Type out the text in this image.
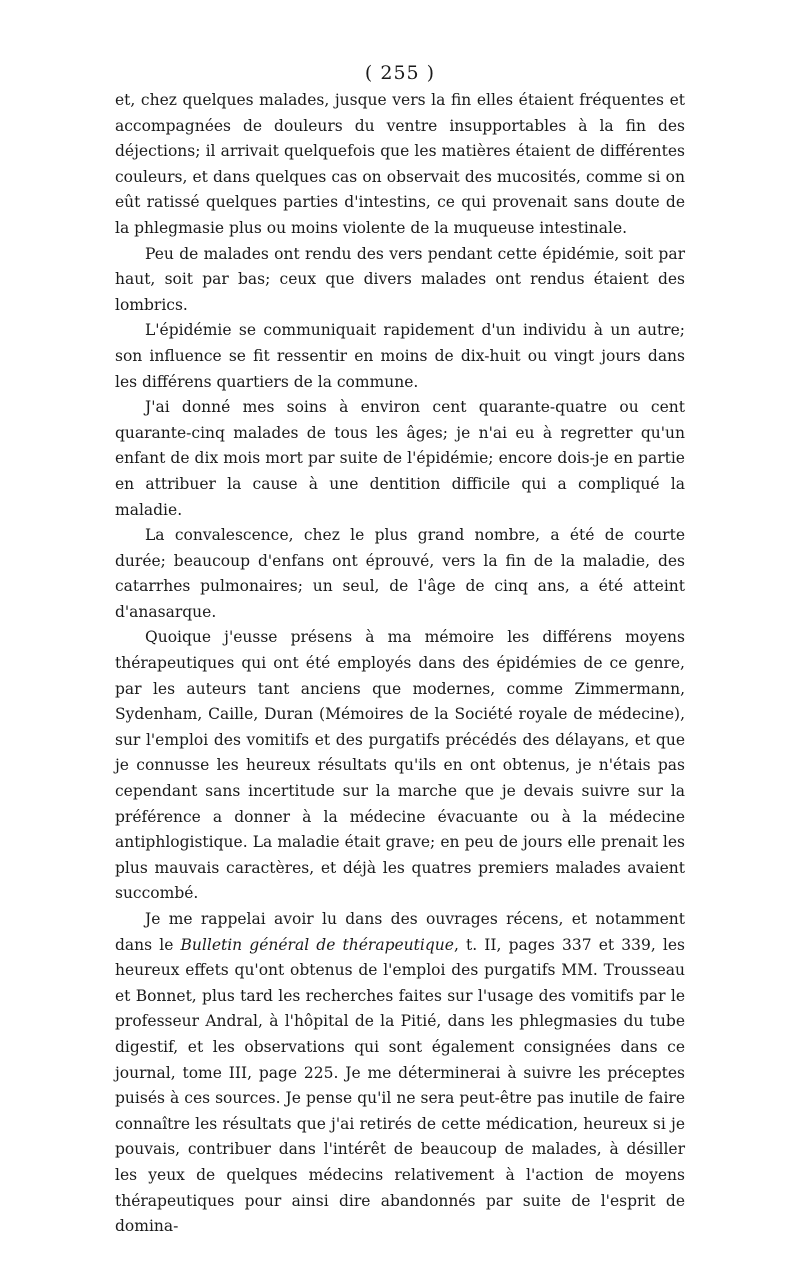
( 255 )

et, chez quelques malades, jusque vers la fin elles étaient fréquentes et accompagnées de douleurs du ventre insupportables à la fin des déjections; il arrivait quelquefois que les matières étaient de différentes couleurs, et dans quelques cas on observait des mucosités, comme si on eût ratissé quelques parties d'intestins, ce qui provenait sans doute de la phlegmasie plus ou moins violente de la muqueuse intestinale.

Peu de malades ont rendu des vers pendant cette épidémie, soit par haut, soit par bas; ceux que divers malades ont rendus étaient des lombrics.

L'épidémie se communiquait rapidement d'un individu à un autre; son influence se fit ressentir en moins de dix-huit ou vingt jours dans les différens quartiers de la commune.

J'ai donné mes soins à environ cent quarante-quatre ou cent quarante-cinq malades de tous les âges; je n'ai eu à regretter qu'un enfant de dix mois mort par suite de l'épidémie; encore dois-je en partie en attribuer la cause à une dentition difficile qui a compliqué la maladie.

La convalescence, chez le plus grand nombre, a été de courte durée; beaucoup d'enfans ont éprouvé, vers la fin de la maladie, des catarrhes pulmonaires; un seul, de l'âge de cinq ans, a été atteint d'anasarque.

Quoique j'eusse présens à ma mémoire les différens moyens thérapeutiques qui ont été employés dans des épidémies de ce genre, par les auteurs tant anciens que modernes, comme Zimmermann, Sydenham, Caille, Duran (Mémoires de la Société royale de médecine), sur l'emploi des vomitifs et des purgatifs précédés des délayans, et que je connusse les heureux résultats qu'ils en ont obtenus, je n'étais pas cependant sans incertitude sur la marche que je devais suivre sur la préférence a donner à la médecine évacuante ou à la médecine antiphlogistique. La maladie était grave; en peu de jours elle prenait les plus mauvais caractères, et déjà les quatres premiers malades avaient succombé.

Je me rappelai avoir lu dans des ouvrages récens, et notamment dans le Bulletin général de thérapeutique, t. II, pages 337 et 339, les heureux effets qu'ont obtenus de l'emploi des purgatifs MM. Trousseau et Bonnet, plus tard les recherches faites sur l'usage des vomitifs par le professeur Andral, à l'hôpital de la Pitié, dans les phlegmasies du tube digestif, et les observations qui sont également consignées dans ce journal, tome III, page 225. Je me déterminerai à suivre les préceptes puisés à ces sources. Je pense qu'il ne sera peut-être pas inutile de faire connaître les résultats que j'ai retirés de cette médication, heureux si je pouvais, contribuer dans l'intérêt de beaucoup de malades, à désiller les yeux de quelques médecins relativement à l'action de moyens thérapeutiques pour ainsi dire abandonnés par suite de l'esprit de domina-
